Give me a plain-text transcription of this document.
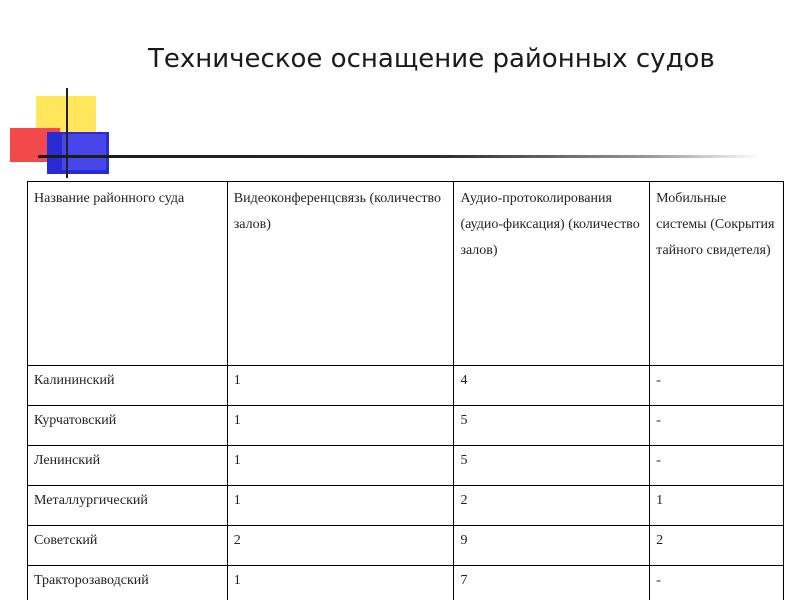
Техническое оснащение районных судов
Название районного суда	Видеоконференцсвязь (количество залов)	Аудио-протоколирования (аудио-фиксация) (количество залов)	Мобильные системы (Сокрытия тайного свидетеля)
Калининский	1	4	-
Курчатовский	1	5	-
Ленинский	1	5	-
Металлургический	1	2	1
Советский	2	9	2
Тракторозаводский	1	7	-
